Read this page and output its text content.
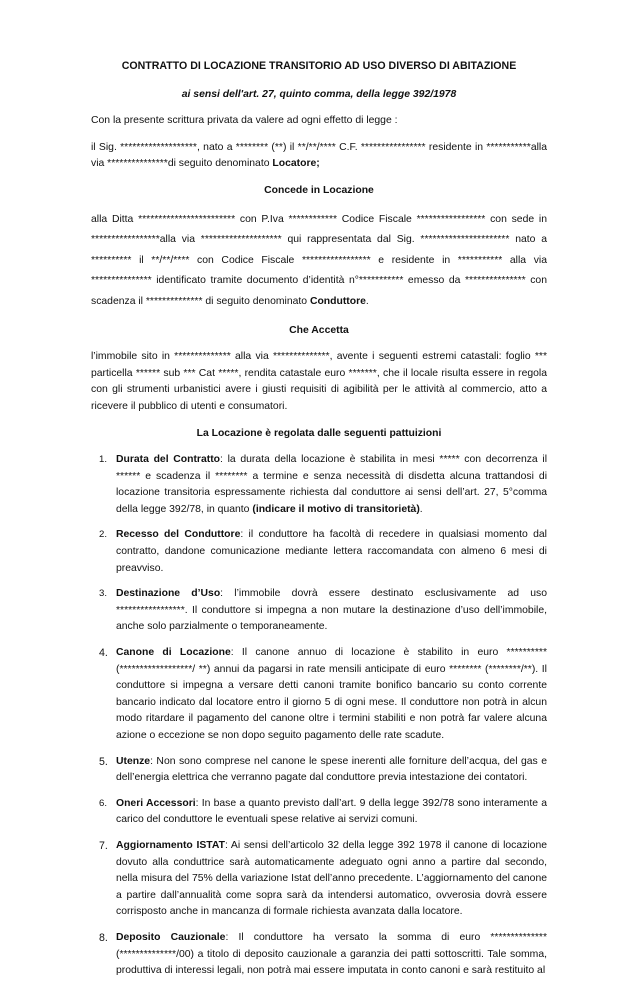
CONTRATTO DI LOCAZIONE TRANSITORIO AD USO DIVERSO DI ABITAZIONE
ai sensi dell'art. 27, quinto comma, della legge 392/1978

Con la presente scrittura privata da valere ad ogni effetto di legge :

il Sig. *******************, nato a ******** (**) il **/**/**** C.F. **************** residente in ***********alla via ***************di seguito denominato Locatore;

Concede in Locazione

alla Ditta ************************ con P.Iva ************ Codice Fiscale ***************** con sede in *****************alla via ******************** qui rappresentata dal Sig. ********************** nato a ********** il **/**/**** con Codice Fiscale ***************** e residente in *********** alla via *************** identificato tramite documento d’identità n°*********** emesso da *************** con scadenza il ************** di seguito denominato Conduttore.

Che Accetta

l’immobile sito in ************** alla via **************, avente i seguenti estremi catastali: foglio *** particella ****** sub *** Cat *****, rendita catastale euro *******, che il locale risulta essere in regola con gli strumenti urbanistici avere i giusti requisiti di agibilità per le attività al commercio, atto a ricevere il pubblico di utenti e consumatori.

La Locazione è regolata dalle seguenti pattuizioni
1. Durata del Contratto: la durata della locazione è stabilita in mesi ***** con decorrenza il ****** e scadenza il ******** a termine e senza necessità di disdetta alcuna trattandosi di locazione transitoria espressamente richiesta dal conduttore ai sensi dell’art. 27, 5°comma della legge 392/78, in quanto (indicare il motivo di transitorietà).
2. Recesso del Conduttore: il conduttore ha facoltà di recedere in qualsiasi momento dal contratto, dandone comunicazione mediante lettera raccomandata con almeno 6 mesi di preavviso.
3. Destinazione d’Uso: l’immobile dovrà essere destinato esclusivamente ad uso *****************. Il conduttore si impegna a non mutare la destinazione d’uso dell’immobile, anche solo parzialmente o temporaneamente.
4. Canone di Locazione: Il canone annuo di locazione è stabilito in euro ********** (******************/ **) annui da pagarsi in rate mensili anticipate di euro ******** (********/**). Il conduttore si impegna a versare detti canoni tramite bonifico bancario su conto corrente bancario indicato dal locatore entro il giorno 5 di ogni mese. Il conduttore non potrà in alcun modo ritardare il pagamento del canone oltre i termini stabiliti e non potrà far valere alcuna azione o eccezione se non dopo seguito pagamento delle rate scadute.
5. Utenze: Non sono comprese nel canone le spese inerenti alle forniture dell’acqua, del gas e dell’energia elettrica che verranno pagate dal conduttore previa intestazione dei contatori.
6. Oneri Accessori: In base a quanto previsto dall’art. 9 della legge 392/78 sono interamente a carico del conduttore le eventuali spese relative ai servizi comuni.
7. Aggiornamento ISTAT: Ai sensi dell’articolo 32 della legge 392 1978 il canone di locazione dovuto alla conduttrice sarà automaticamente adeguato ogni anno a partire dal secondo, nella misura del 75% della variazione Istat dell’anno precedente. L’aggiornamento del canone a partire dall’annualità come sopra sarà da intendersi automatico, ovverosia dovrà essere corrisposto anche in mancanza di formale richiesta avanzata dalla locatore.
8. Deposito Cauzionale: Il conduttore ha versato la somma di euro ************** (**************/00) a titolo di deposito cauzionale a garanzia dei patti sottoscritti. Tale somma, produttiva di interessi legali, non potrà mai essere imputata in conto canoni e sarà restituito al
